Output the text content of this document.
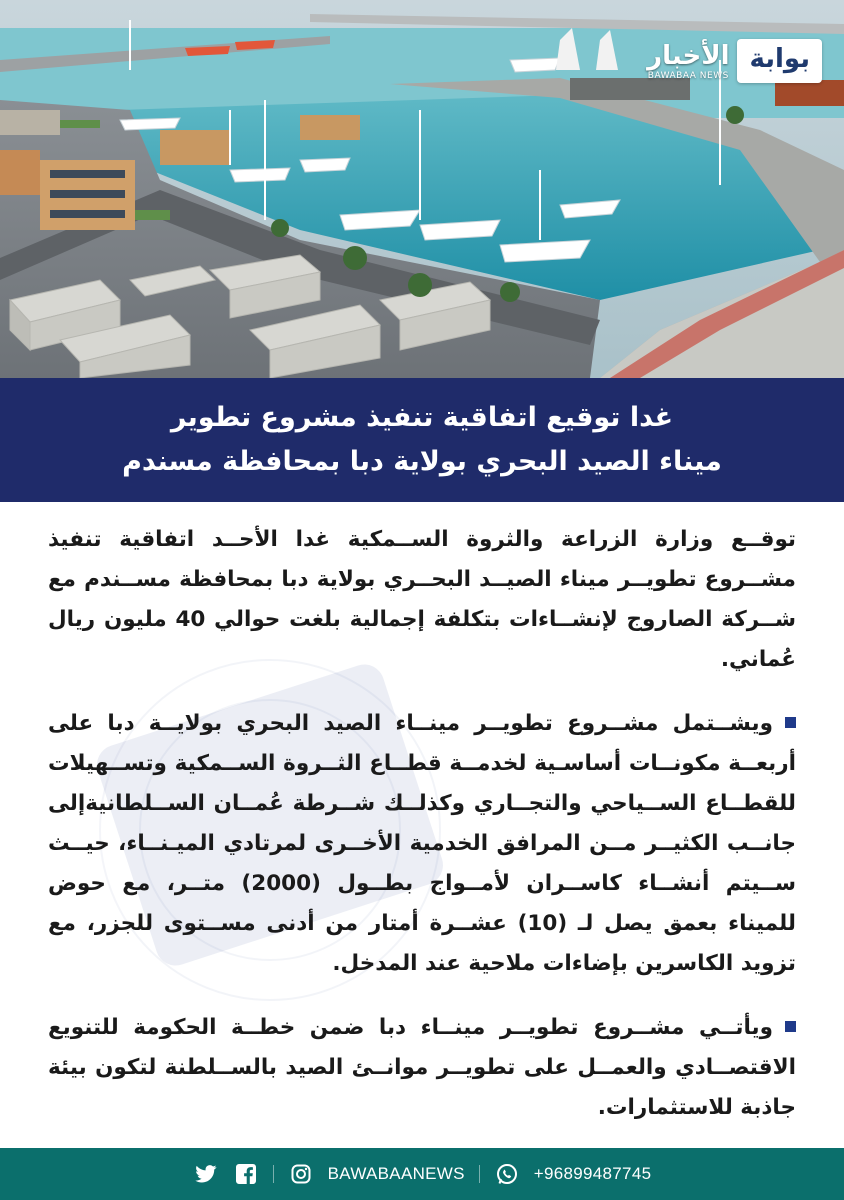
بوابة
الأخبار
BAWABAA NEWS
غدا توقيع اتفاقية تنفيذ مشروع تطوير
ميناء الصيد البحري بولاية دبا بمحافظة مسندم

توقــع وزارة الزراعة والثروة الســمكية غدا الأحــد اتفاقية تنفيذ مشــروع تطويــر ميناء الصيــد البحــري بولاية دبا بمحافظة مســندم مع شــركة الصاروج لإنشــاءات بتكلفة إجمالية بلغت حوالي 40 مليون ريال عُماني.

ويشــتمل مشــروع تطويــر مينــاء الصيد البحري بولايــة دبا على أربعــة مكونــات أساسـية لخدمــة قطــاع الثــروة الســمكية وتســهيلات للقطــاع الســياحي والتجــاري وكذلــك شــرطة عُمــان الســلطانيةإلى جانــب الكثيــر مــن المرافق الخدمية الأخــرى لمرتادي الميـنــاء، حيــث ســيتم أنشــاء كاســران لأمــواج بطــول (2000) متــر، مع حوض للميناء بعمق يصل لـ (10) عشــرة أمتار من أدنى مســتوى للجزر، مع تزويد الكاسرين بإضاءات ملاحية عند المدخل.

ويأتــي مشــروع تطويــر مينــاء دبا ضمن خطــة الحكومة للتنويع الاقتصــادي والعمــل على تطويــر موانــئ الصيد بالســلطنة لتكون بيئة جاذبة للاستثمارات.

BAWABAANEWS	+96899487745
